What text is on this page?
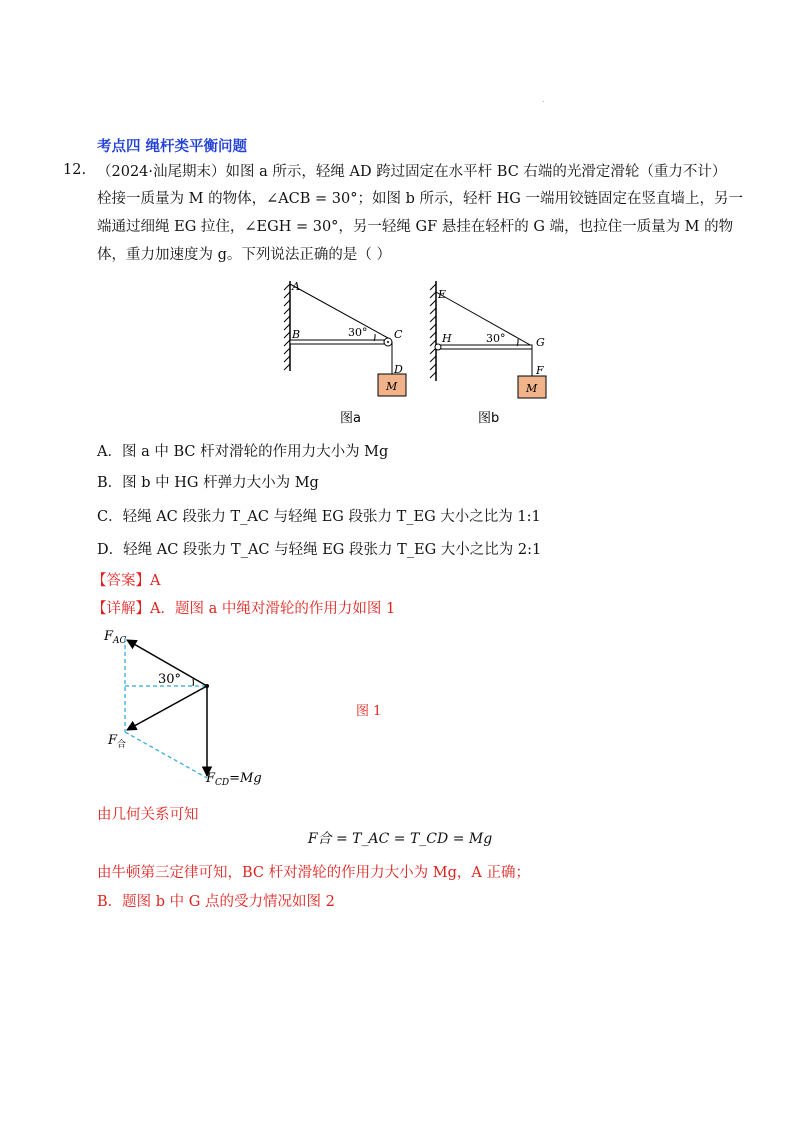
.
考点四 绳杆类平衡问题
12. （2024·汕尾期末）如图 a 所示，轻绳 AD 跨过固定在水平杆 BC 右端的光滑定滑轮（重力不计）
栓接一质量为 M 的物体，∠ACB = 30°；如图 b 所示，轻杆 HG 一端用铰链固定在竖直墙上，另一
端通过细绳 EG 拉住，∠EGH = 30°，另一轻绳 GF 悬挂在轻杆的 G 端，也拉住一质量为 M 的物
体，重力加速度为 g。下列说法正确的是（ ）
A
B	C
D
30°
M
图a
E
H	G
F
30°
M
图b
A．图 a 中 BC 杆对滑轮的作用力大小为 Mg
B．图 b 中 HG 杆弹力大小为 Mg
C．轻绳 AC 段张力 T_AC 与轻绳 EG 段张力 T_EG 大小之比为 1:1
D．轻绳 AC 段张力 T_AC 与轻绳 EG 段张力 T_EG 大小之比为 2:1
【答案】A
【详解】A．题图 a 中绳对滑轮的作用力如图 1
$F_{AC}$
30°
$F_合$
$F_{CD}=Mg$
图 1
由几何关系可知
F合 = T_AC = T_CD = Mg
由牛顿第三定律可知，BC 杆对滑轮的作用力大小为 Mg，A 正确；
B．题图 b 中 G 点的受力情况如图 2
